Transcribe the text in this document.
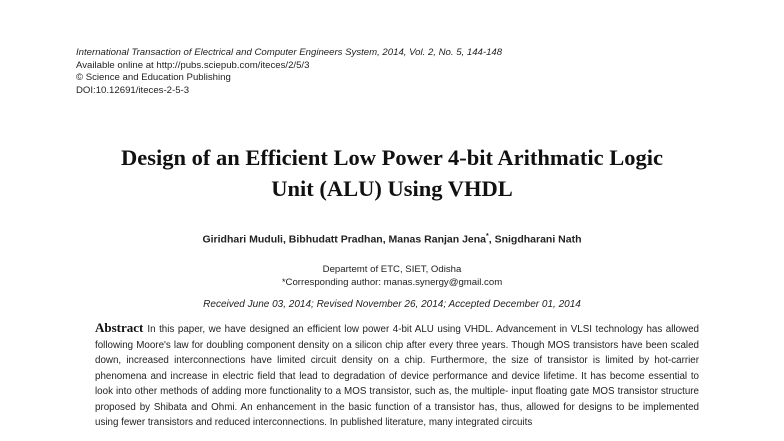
International Transaction of Electrical and Computer Engineers System, 2014, Vol. 2, No. 5, 144-148
Available online at http://pubs.sciepub.com/iteces/2/5/3
© Science and Education Publishing
DOI:10.12691/iteces-2-5-3
Design of an Efficient Low Power 4-bit Arithmatic Logic
Unit (ALU) Using VHDL
Giridhari Muduli, Bibhudatt Pradhan, Manas Ranjan Jena*, Snigdharani Nath
Departemt of ETC, SIET, Odisha
*Corresponding author: manas.synergy@gmail.com
Received June 03, 2014; Revised November 26, 2014; Accepted December 01, 2014
Abstract In this paper, we have designed an efficient low power 4-bit ALU using VHDL. Advancement in VLSI technology has allowed following Moore's law for doubling component density on a silicon chip after every three years. Though MOS transistors have been scaled down, increased interconnections have limited circuit density on a chip. Furthermore, the size of transistor is limited by hot-carrier phenomena and increase in electric field that lead to degradation of device performance and device lifetime. It has become essential to look into other methods of adding more functionality to a MOS transistor, such as, the multiple- input floating gate MOS transistor structure proposed by Shibata and Ohmi. An enhancement in the basic function of a transistor has, thus, allowed for designs to be implemented using fewer transistors and reduced interconnections. In published literature, many integrated circuits
